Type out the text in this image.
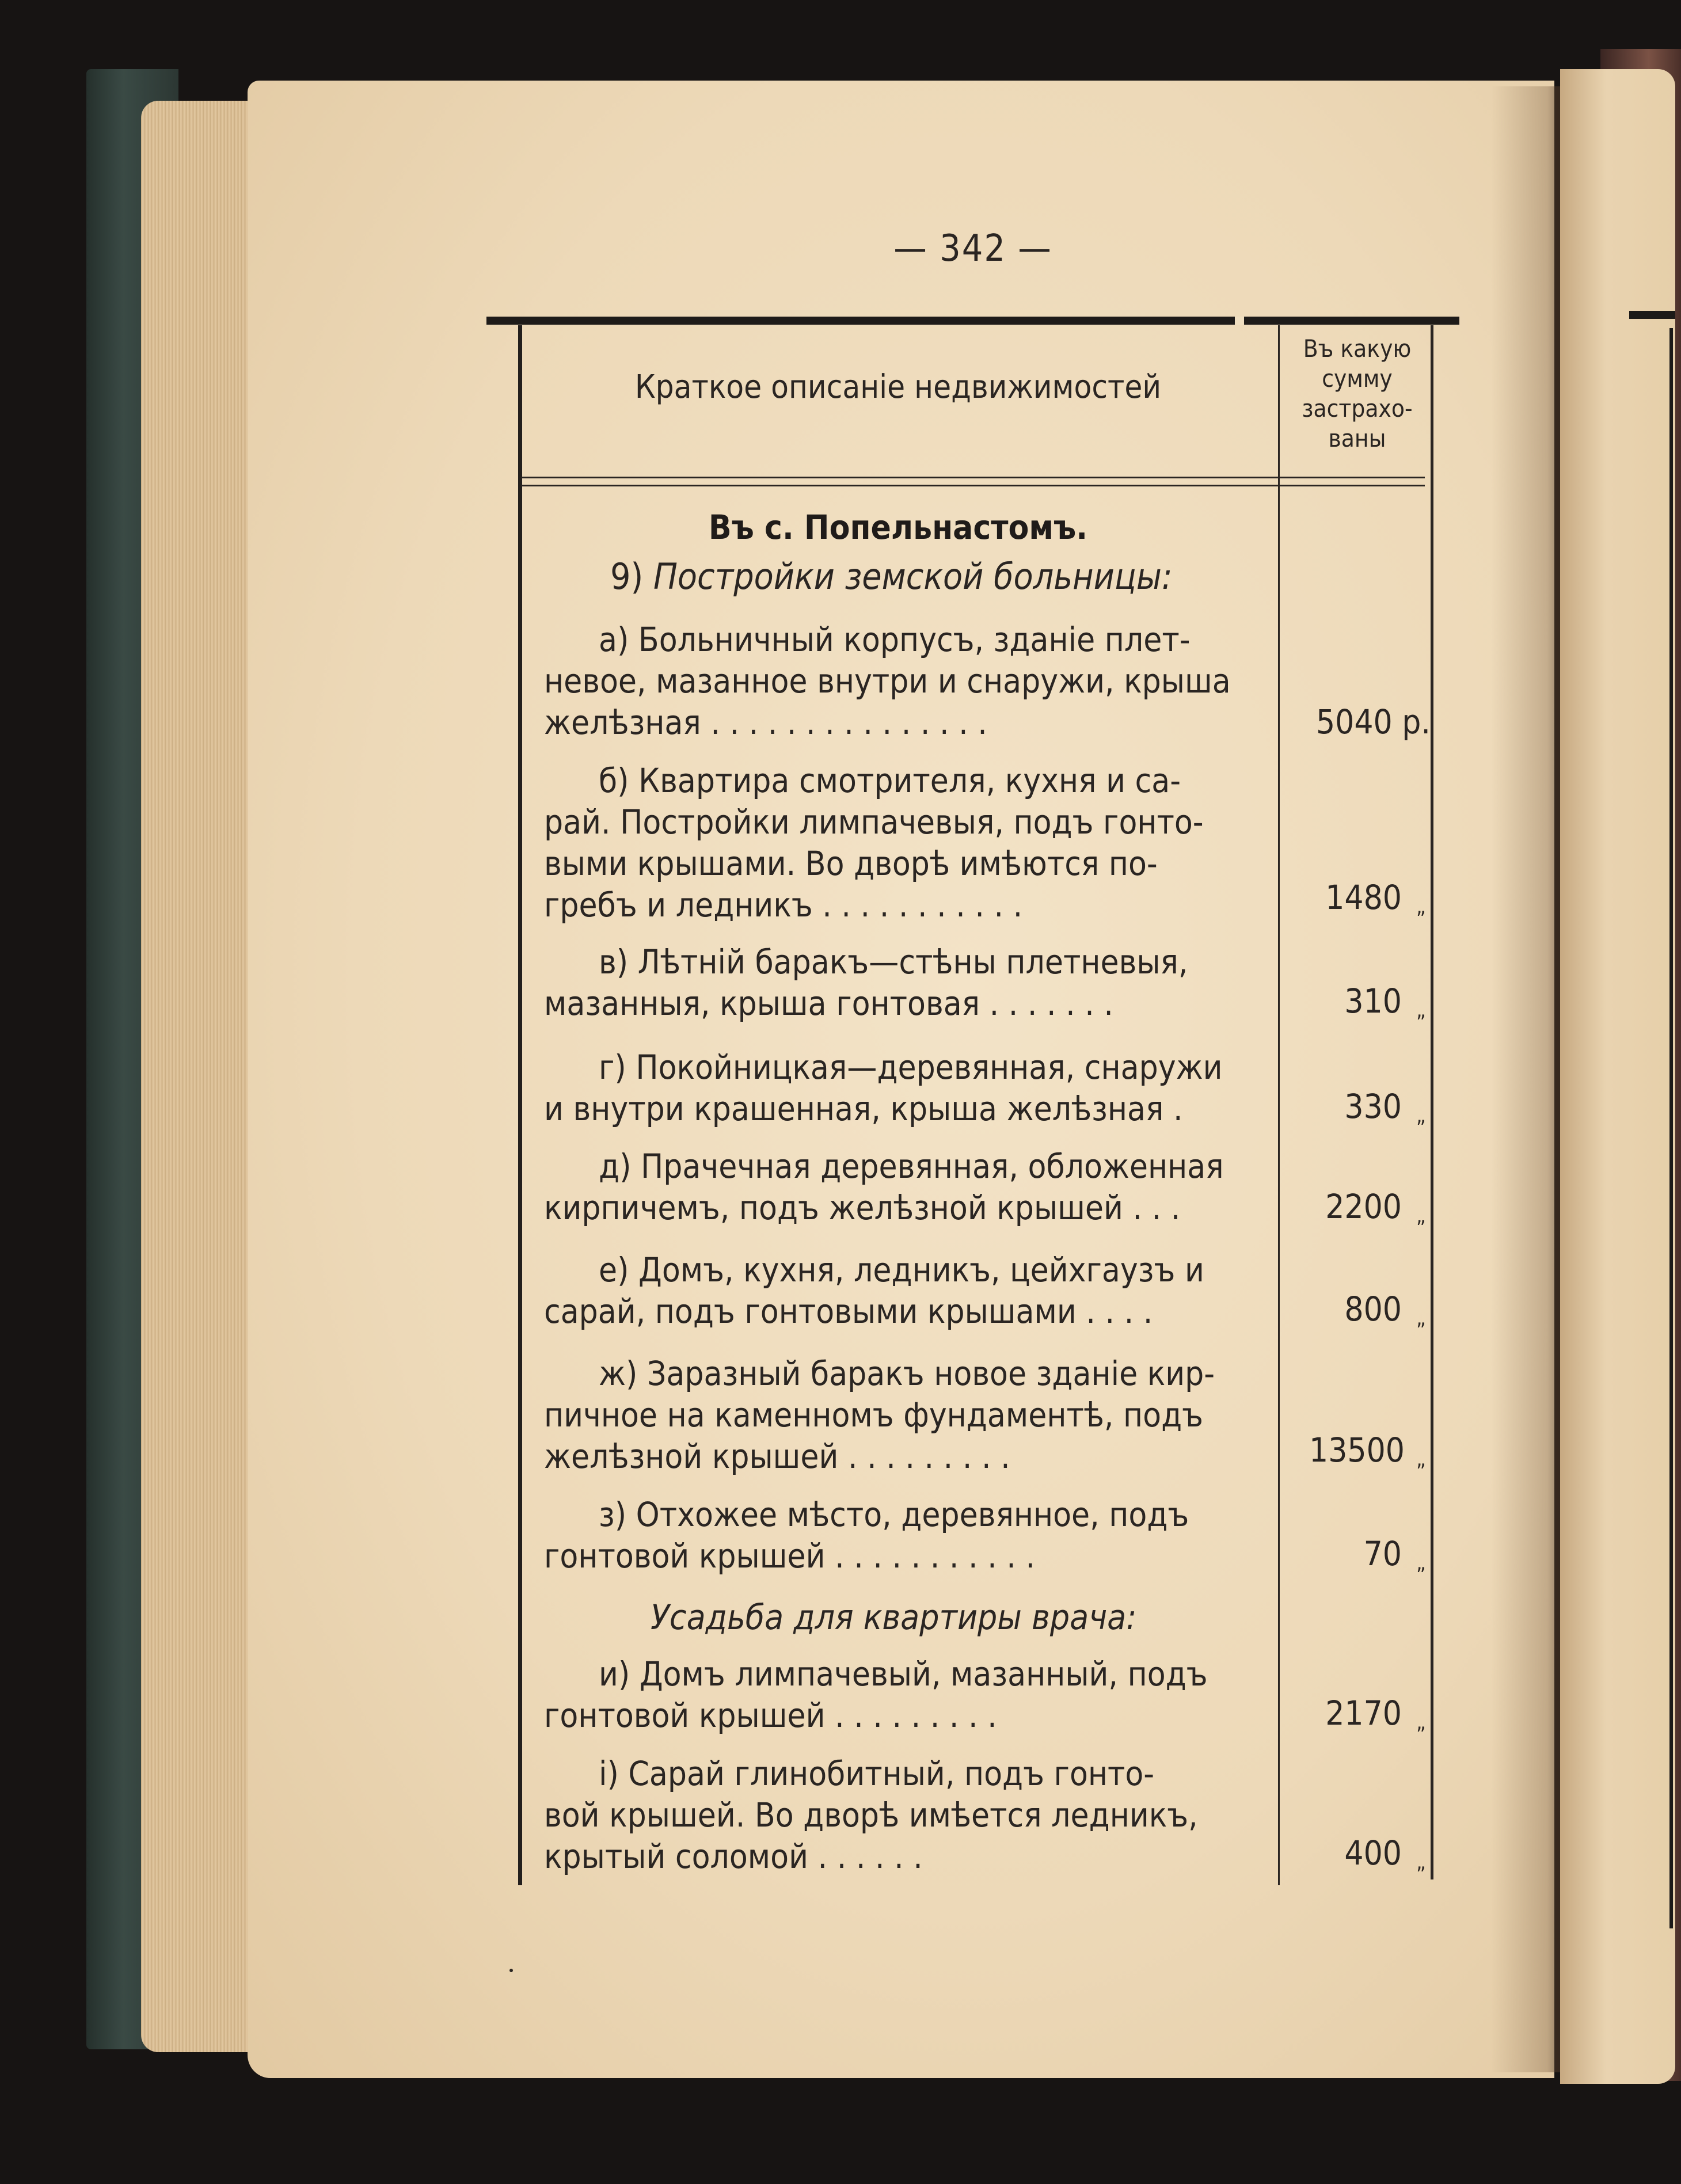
— 342 —
Краткое описаніе недвижимостей
Въ какую
сумму
застрахо-
ваны
Въ с. Попельнастомъ.
9) Постройки земской больницы:
а) Больничный корпусъ, зданіе плет-
невое, мазанное внутри и снаружи, крыша
желѣзная . . . . . . . . . . . . . . .	5040 р.
б) Квартира смотрителя, кухня и са-
рай. Постройки лимпачевыя, подъ гонто-
выми крышами. Во дворѣ имѣются по-
гребъ и ледникъ . . . . . . . . . . .	1480 „
в) Лѣтній баракъ—стѣны плетневыя,
мазанныя, крыша гонтовая . . . . . . .	310 „
г) Покойницкая—деревянная, снаружи
и внутри крашенная, крыша желѣзная .	330 „
д) Прачечная деревянная, обложенная
кирпичемъ, подъ желѣзной крышей . . .	2200 „
е) Домъ, кухня, ледникъ, цейхгаузъ и
сарай, подъ гонтовыми крышами . . . .	800 „
ж) Заразный баракъ новое зданіе кир-
пичное на каменномъ фундаментѣ, подъ
желѣзной крышей . . . . . . . . .	13500 „
з) Отхожее мѣсто, деревянное, подъ
гонтовой крышей . . . . . . . . . . .	70 „
Усадьба для квартиры врача:
и) Домъ лимпачевый, мазанный, подъ
гонтовой крышей . . . . . . . . .	2170 „
і) Сарай глинобитный, подъ гонто-
вой крышей. Во дворѣ имѣется ледникъ,
крытый соломой . . . . . .	400 „
